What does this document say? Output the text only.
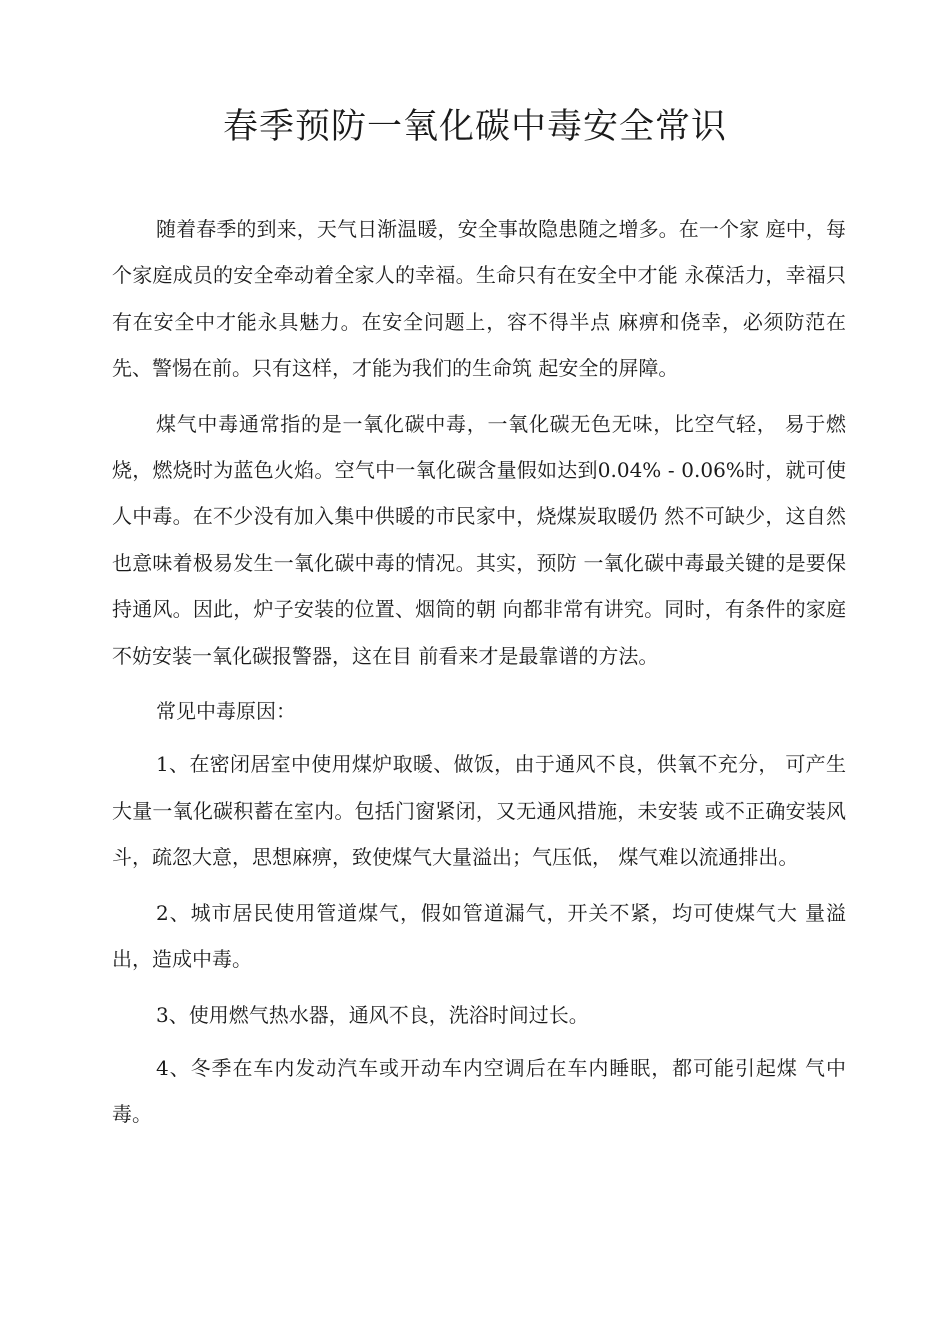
春季预防一氧化碳中毒安全常识

随着春季的到来，天气日渐温暖，安全事故隐患随之增多。在一个家 庭中，每个家庭成员的安全牵动着全家人的幸福。生命只有在安全中才能 永葆活力，幸福只有在安全中才能永具魅力。在安全问题上，容不得半点 麻痹和侥幸，必须防范在先、警惕在前。只有这样，才能为我们的生命筑 起安全的屏障。

煤气中毒通常指的是一氧化碳中毒，一氧化碳无色无味，比空气轻， 易于燃烧，燃烧时为蓝色火焰。空气中一氧化碳含量假如达到0.04% - 0.06%时，就可使人中毒。在不少没有加入集中供暖的市民家中，烧煤炭取暖仍 然不可缺少，这自然也意味着极易发生一氧化碳中毒的情况。其实，预防 一氧化碳中毒最关键的是要保持通风。因此，炉子安装的位置、烟筒的朝 向都非常有讲究。同时，有条件的家庭不妨安装一氧化碳报警器，这在目 前看来才是最靠谱的方法。

常见中毒原因：

1、在密闭居室中使用煤炉取暖、做饭，由于通风不良，供氧不充分， 可产生大量一氧化碳积蓄在室内。包括门窗紧闭，又无通风措施，未安装 或不正确安装风斗，疏忽大意，思想麻痹，致使煤气大量溢出；气压低， 煤气难以流通排出。

2、城市居民使用管道煤气，假如管道漏气，开关不紧，均可使煤气大 量溢出，造成中毒。

3、使用燃气热水器，通风不良，洗浴时间过长。

4、冬季在车内发动汽车或开动车内空调后在车内睡眠，都可能引起煤 气中毒。
